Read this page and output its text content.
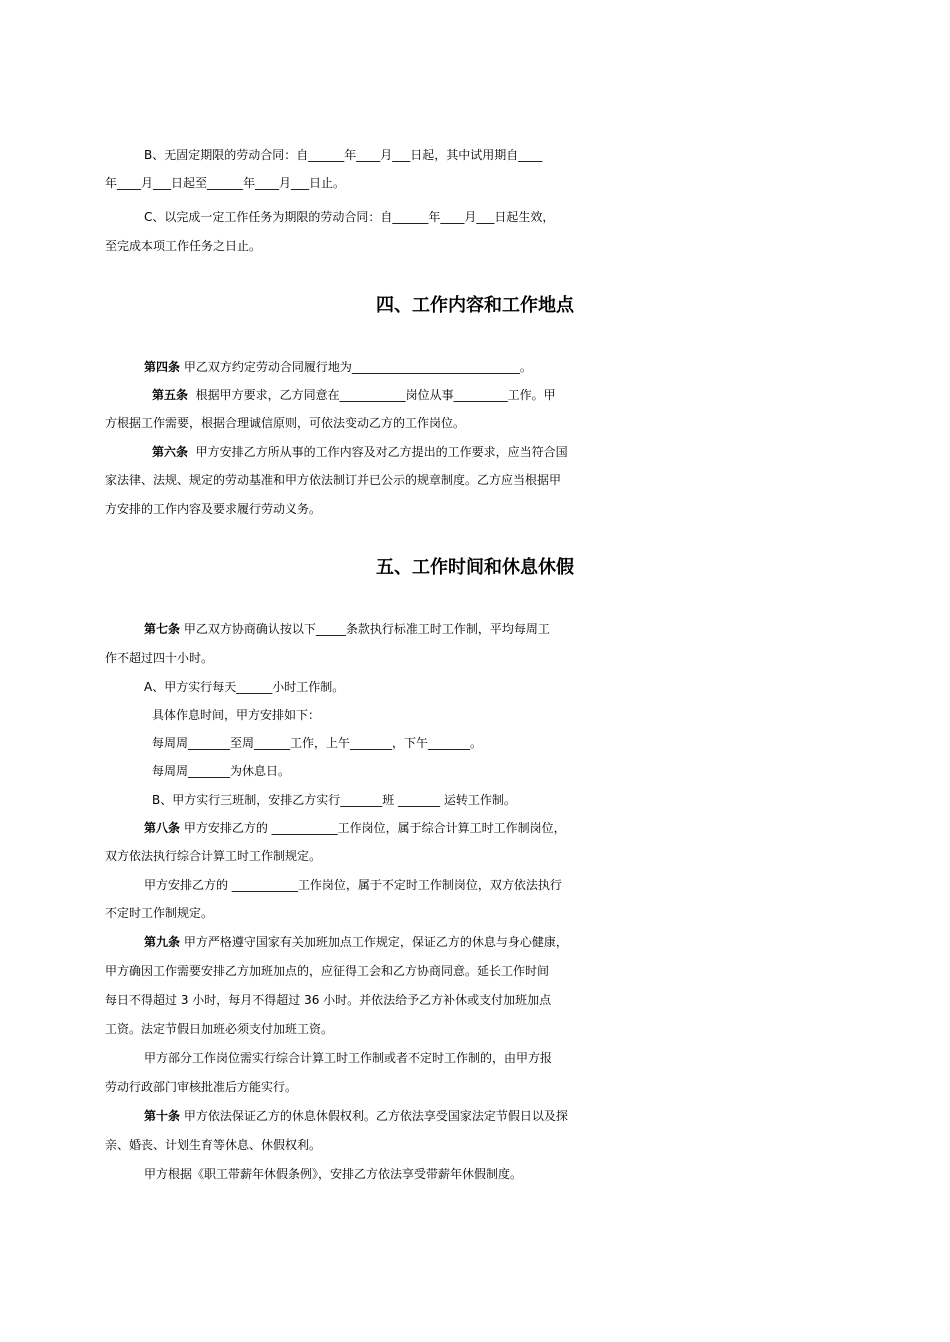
B、无固定期限的劳动合同：自______年____月___日起，其中试用期自____
年____月___日起至______年____月___日止。
C、以完成一定工作任务为期限的劳动合同：自______年____月___日起生效，
至完成本项工作任务之日止。
四、工作内容和工作地点
第四条 甲乙双方约定劳动合同履行地为____________________________。
第五条  根据甲方要求，乙方同意在___________岗位从事_________工作。甲
方根据工作需要，根据合理诚信原则，可依法变动乙方的工作岗位。
第六条  甲方安排乙方所从事的工作内容及对乙方提出的工作要求，应当符合国
家法律、法规、规定的劳动基准和甲方依法制订并已公示的规章制度。乙方应当根据甲
方安排的工作内容及要求履行劳动义务。
五、工作时间和休息休假
第七条 甲乙双方协商确认按以下_____条款执行标准工时工作制，平均每周工
作不超过四十小时。
A、甲方实行每天______小时工作制。
具体作息时间，甲方安排如下：
每周周_______至周______工作，上午_______，下午_______。
每周周_______为休息日。
B、甲方实行三班制，安排乙方实行_______班 _______ 运转工作制。
第八条 甲方安排乙方的 ___________工作岗位，属于综合计算工时工作制岗位，
双方依法执行综合计算工时工作制规定。
甲方安排乙方的 ___________工作岗位，属于不定时工作制岗位，双方依法执行
不定时工作制规定。
第九条 甲方严格遵守国家有关加班加点工作规定，保证乙方的休息与身心健康，
甲方确因工作需要安排乙方加班加点的，应征得工会和乙方协商同意。延长工作时间
每日不得超过 3 小时，每月不得超过 36 小时。并依法给予乙方补休或支付加班加点
工资。法定节假日加班必须支付加班工资。
甲方部分工作岗位需实行综合计算工时工作制或者不定时工作制的，由甲方报
劳动行政部门审核批准后方能实行。
第十条 甲方依法保证乙方的休息休假权利。乙方依法享受国家法定节假日以及探
亲、婚丧、计划生育等休息、休假权利。
甲方根据《职工带薪年休假条例》，安排乙方依法享受带薪年休假制度。
